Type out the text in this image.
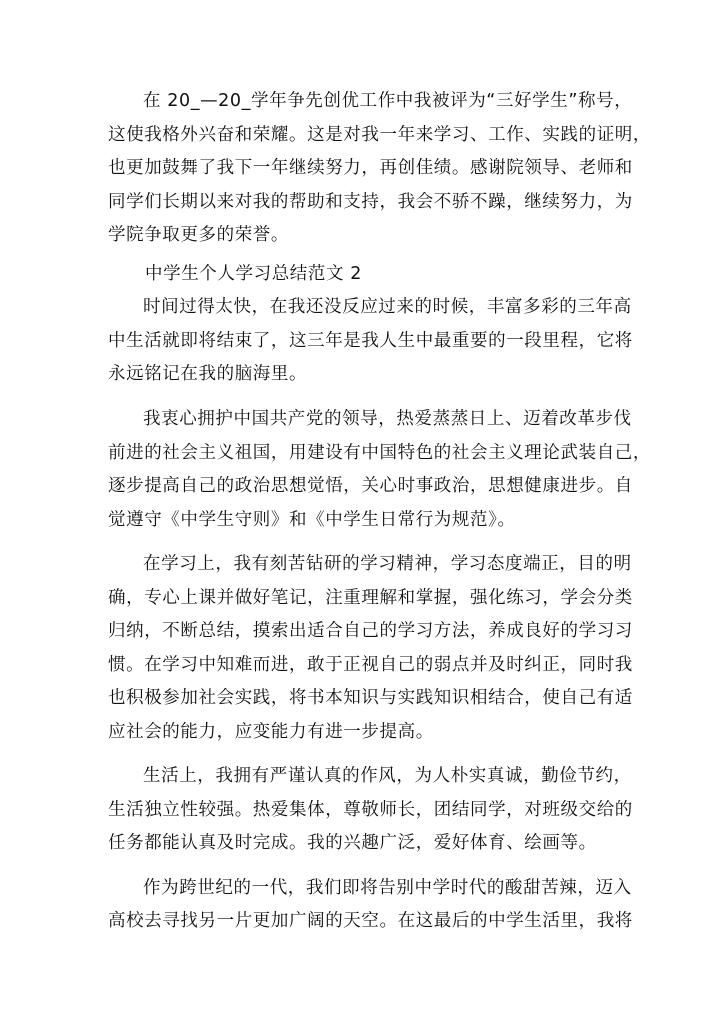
在 20_—20_学年争先创优工作中我被评为“三好学生”称号，
这使我格外兴奋和荣耀。这是对我一年来学习、工作、实践的证明，
也更加鼓舞了我下一年继续努力，再创佳绩。感谢院领导、老师和
同学们长期以来对我的帮助和支持，我会不骄不躁，继续努力，为
学院争取更多的荣誉。
中学生个人学习总结范文 2
时间过得太快，在我还没反应过来的时候，丰富多彩的三年高
中生活就即将结束了，这三年是我人生中最重要的一段里程，它将
永远铭记在我的脑海里。
我衷心拥护中国共产党的领导，热爱蒸蒸日上、迈着改革步伐
前进的社会主义祖国，用建设有中国特色的社会主义理论武装自己，
逐步提高自己的政治思想觉悟，关心时事政治，思想健康进步。自
觉遵守《中学生守则》和《中学生日常行为规范》。
在学习上，我有刻苦钻研的学习精神，学习态度端正，目的明
确，专心上课并做好笔记，注重理解和掌握，强化练习，学会分类
归纳，不断总结，摸索出适合自己的学习方法，养成良好的学习习
惯。在学习中知难而进，敢于正视自己的弱点并及时纠正，同时我
也积极参加社会实践，将书本知识与实践知识相结合，使自己有适
应社会的能力，应变能力有进一步提高。
生活上，我拥有严谨认真的作风，为人朴实真诚，勤俭节约，
生活独立性较强。热爱集体，尊敬师长，团结同学，对班级交给的
任务都能认真及时完成。我的兴趣广泛，爱好体育、绘画等。
作为跨世纪的一代，我们即将告别中学时代的酸甜苦辣，迈入
高校去寻找另一片更加广阔的天空。在这最后的中学生活里，我将
